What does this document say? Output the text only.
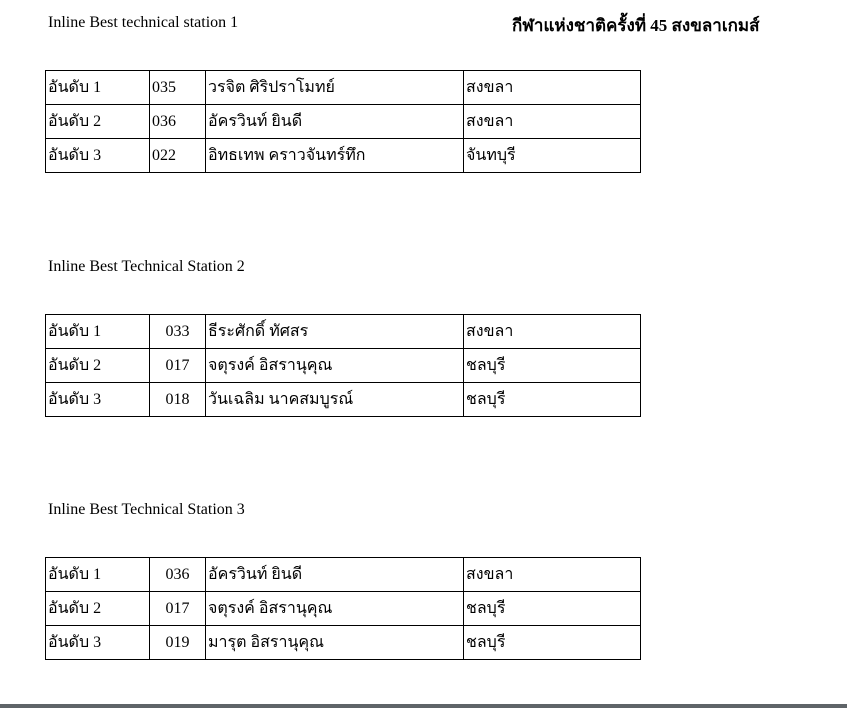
กีฬาแห่งชาติครั้งที่ 45 สงขลาเกมส์
Inline Best technical station 1
อันดับ 1	035	วรจิต ศิริปราโมทย์	สงขลา
อันดับ 2	036	อัครวินท์ ยินดี	สงขลา
อันดับ 3	022	อิทธเทพ คราวจันทร์ทึก	จันทบุรี
Inline Best Technical Station 2
อันดับ 1	033	ธีระศักดิ์ ทัศสร	สงขลา
อันดับ 2	017	จตุรงค์ อิสรานุคุณ	ชลบุรี
อันดับ 3	018	วันเฉลิม นาคสมบูรณ์	ชลบุรี
Inline Best Technical Station 3
อันดับ 1	036	อัครวินท์ ยินดี	สงขลา
อันดับ 2	017	จตุรงค์ อิสรานุคุณ	ชลบุรี
อันดับ 3	019	มารุต อิสรานุคุณ	ชลบุรี
